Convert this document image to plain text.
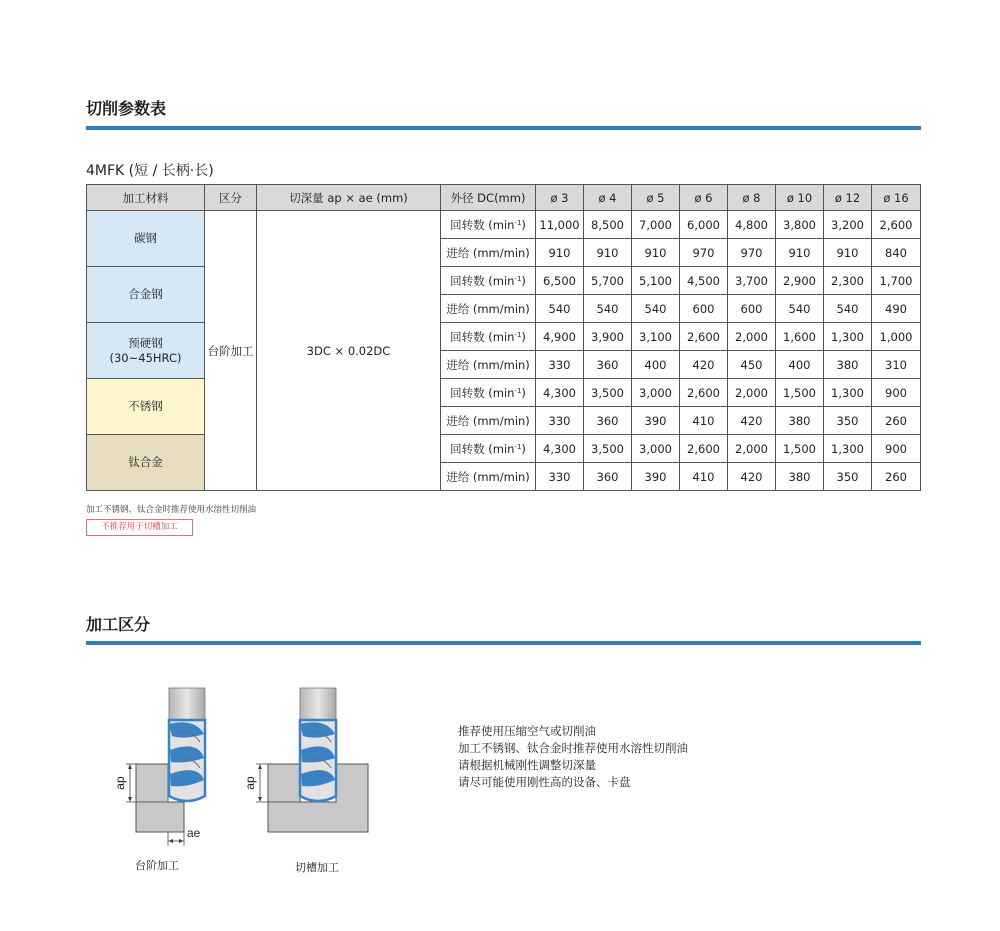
切削参数表
4MFK (短 / 长柄·长)
加工材料	区分	切深量 ap × ae (mm)	外径 DC(mm)	ø 3	ø 4	ø 5	ø 6	ø 8	ø 10	ø 12	ø 16

碳钢	台阶加工	3DC × 0.02DC	回转数 $(\min^{-1})$	11,000	8,500	7,000	6,000	4,800	3,800	3,200	2,600
			进给 (mm/min)	910	910	910	970	970	910	910	840

合金钢			回转数 $(\min^{-1})$	6,500	5,700	5,100	4,500	3,700	2,900	2,300	1,700
			进给 (mm/min)	540	540	540	600	600	540	540	490

预硬钢
(30~45HRC)			回转数 $(\min^{-1})$	4,900	3,900	3,100	2,600	2,000	1,600	1,300	1,000
			进给 (mm/min)	330	360	400	420	450	400	380	310

不锈钢			回转数 $(\min^{-1})$	4,300	3,500	3,000	2,600	2,000	1,500	1,300	900
			进给 (mm/min)	330	360	390	410	420	380	350	260

钛合金			回转数 $(\min^{-1})$	4,300	3,500	3,000	2,600	2,000	1,500	1,300	900
			进给 (mm/min)	330	360	390	410	420	380	350	260
加工不锈钢、钛合金时推荐使用水溶性切削油
不推荐用于切槽加工
加工区分
ap
ae
ap
台阶加工	切槽加工
推荐使用压缩空气或切削油
加工不锈钢、钛合金时推荐使用水溶性切削油
请根据机械刚性调整切深量
请尽可能使用刚性高的设备、卡盘
